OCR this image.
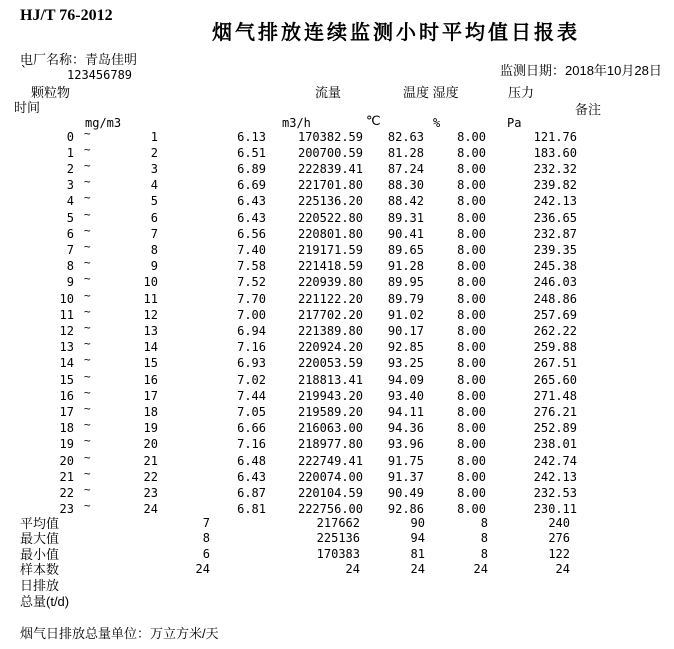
HJ/T 76-2012
烟气排放连续监测小时平均值日报表
电厂名称：青岛佳明
`	123456789	监测日期：2018年10月28日
颗粒物	流量	温度 湿度	压力
时间	备注
mg/m3	m3/h	℃	%	Pa
0 ~	1	6.13	170382.59	82.63	8.00	121.76
1 ~	2	6.51	200700.59	81.28	8.00	183.60
2 ~	3	6.89	222839.41	87.24	8.00	232.32
3 ~	4	6.69	221701.80	88.30	8.00	239.82
4 ~	5	6.43	225136.20	88.42	8.00	242.13
5 ~	6	6.43	220522.80	89.31	8.00	236.65
6 ~	7	6.56	220801.80	90.41	8.00	232.87
7 ~	8	7.40	219171.59	89.65	8.00	239.35
8 ~	9	7.58	221418.59	91.28	8.00	245.38
9 ~	10	7.52	220939.80	89.95	8.00	246.03
10 ~	11	7.70	221122.20	89.79	8.00	248.86
11 ~	12	7.00	217702.20	91.02	8.00	257.69
12 ~	13	6.94	221389.80	90.17	8.00	262.22
13 ~	14	7.16	220924.20	92.85	8.00	259.88
14 ~	15	6.93	220053.59	93.25	8.00	267.51
15 ~	16	7.02	218813.41	94.09	8.00	265.60
16 ~	17	7.44	219943.20	93.40	8.00	271.48
17 ~	18	7.05	219589.20	94.11	8.00	276.21
18 ~	19	6.66	216063.00	94.36	8.00	252.89
19 ~	20	7.16	218977.80	93.96	8.00	238.01
20 ~	21	6.48	222749.41	91.75	8.00	242.74
21 ~	22	6.43	220074.00	91.37	8.00	242.13
22 ~	23	6.87	220104.59	90.49	8.00	232.53
23 ~	24	6.81	222756.00	92.86	8.00	230.11
平均值	7	217662	90	8	240
最大值	8	225136	94	8	276
最小值	6	170383	81	8	122
样本数	24	24	24	24	24
日排放
总量(t/d)
烟气日排放总量单位：万立方米/天
